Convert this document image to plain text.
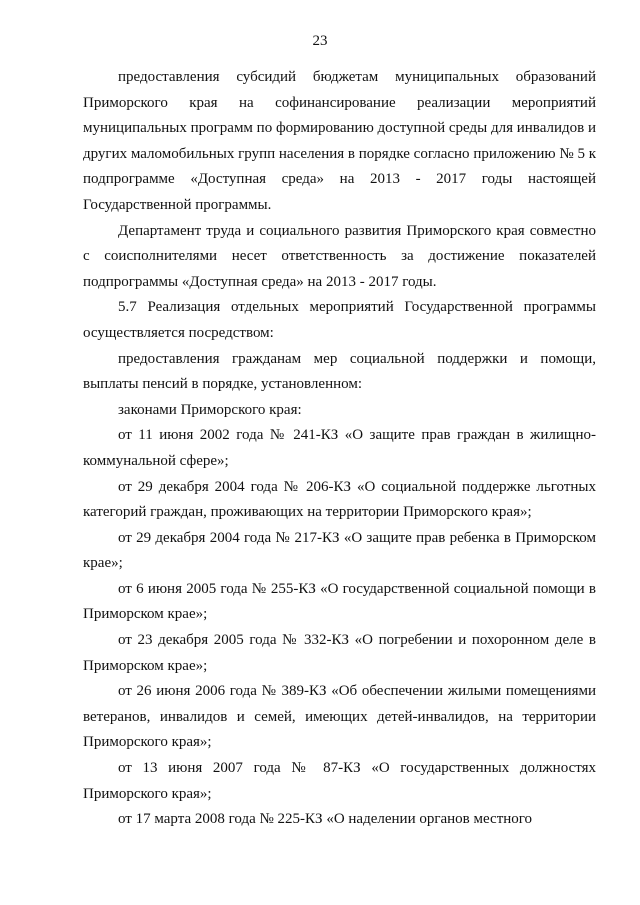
23

предоставления субсидий бюджетам муниципальных образований Приморского края на софинансирование реализации мероприятий муниципальных программ по формированию доступной среды для инвалидов и других маломобильных групп населения в порядке согласно приложению № 5 к подпрограмме «Доступная среда» на 2013 - 2017 годы настоящей Государственной программы.

Департамент труда и социального развития Приморского края совместно с соисполнителями несет ответственность за достижение показателей подпрограммы «Доступная среда» на 2013 - 2017 годы.

5.7 Реализация отдельных мероприятий Государственной программы осуществляется посредством:

предоставления гражданам мер социальной поддержки и помощи, выплаты пенсий в порядке, установленном:

законами Приморского края:

от 11 июня 2002 года № 241-КЗ «О защите прав граждан в жилищно-коммунальной сфере»;

от 29 декабря 2004 года № 206-КЗ «О социальной поддержке льготных категорий граждан, проживающих на территории Приморского края»;

от 29 декабря 2004 года № 217-КЗ «О защите прав ребенка в Приморском крае»;

от 6 июня 2005 года № 255-КЗ «О государственной социальной помощи в Приморском крае»;

от 23 декабря 2005 года № 332-КЗ «О погребении и похоронном деле в Приморском крае»;

от 26 июня 2006 года № 389-КЗ «Об обеспечении жилыми помещениями ветеранов, инвалидов и семей, имеющих детей-инвалидов, на территории Приморского края»;

от 13 июня 2007 года № 87-КЗ «О государственных должностях Приморского края»;

от 17 марта 2008 года № 225-КЗ «О наделении органов местного
